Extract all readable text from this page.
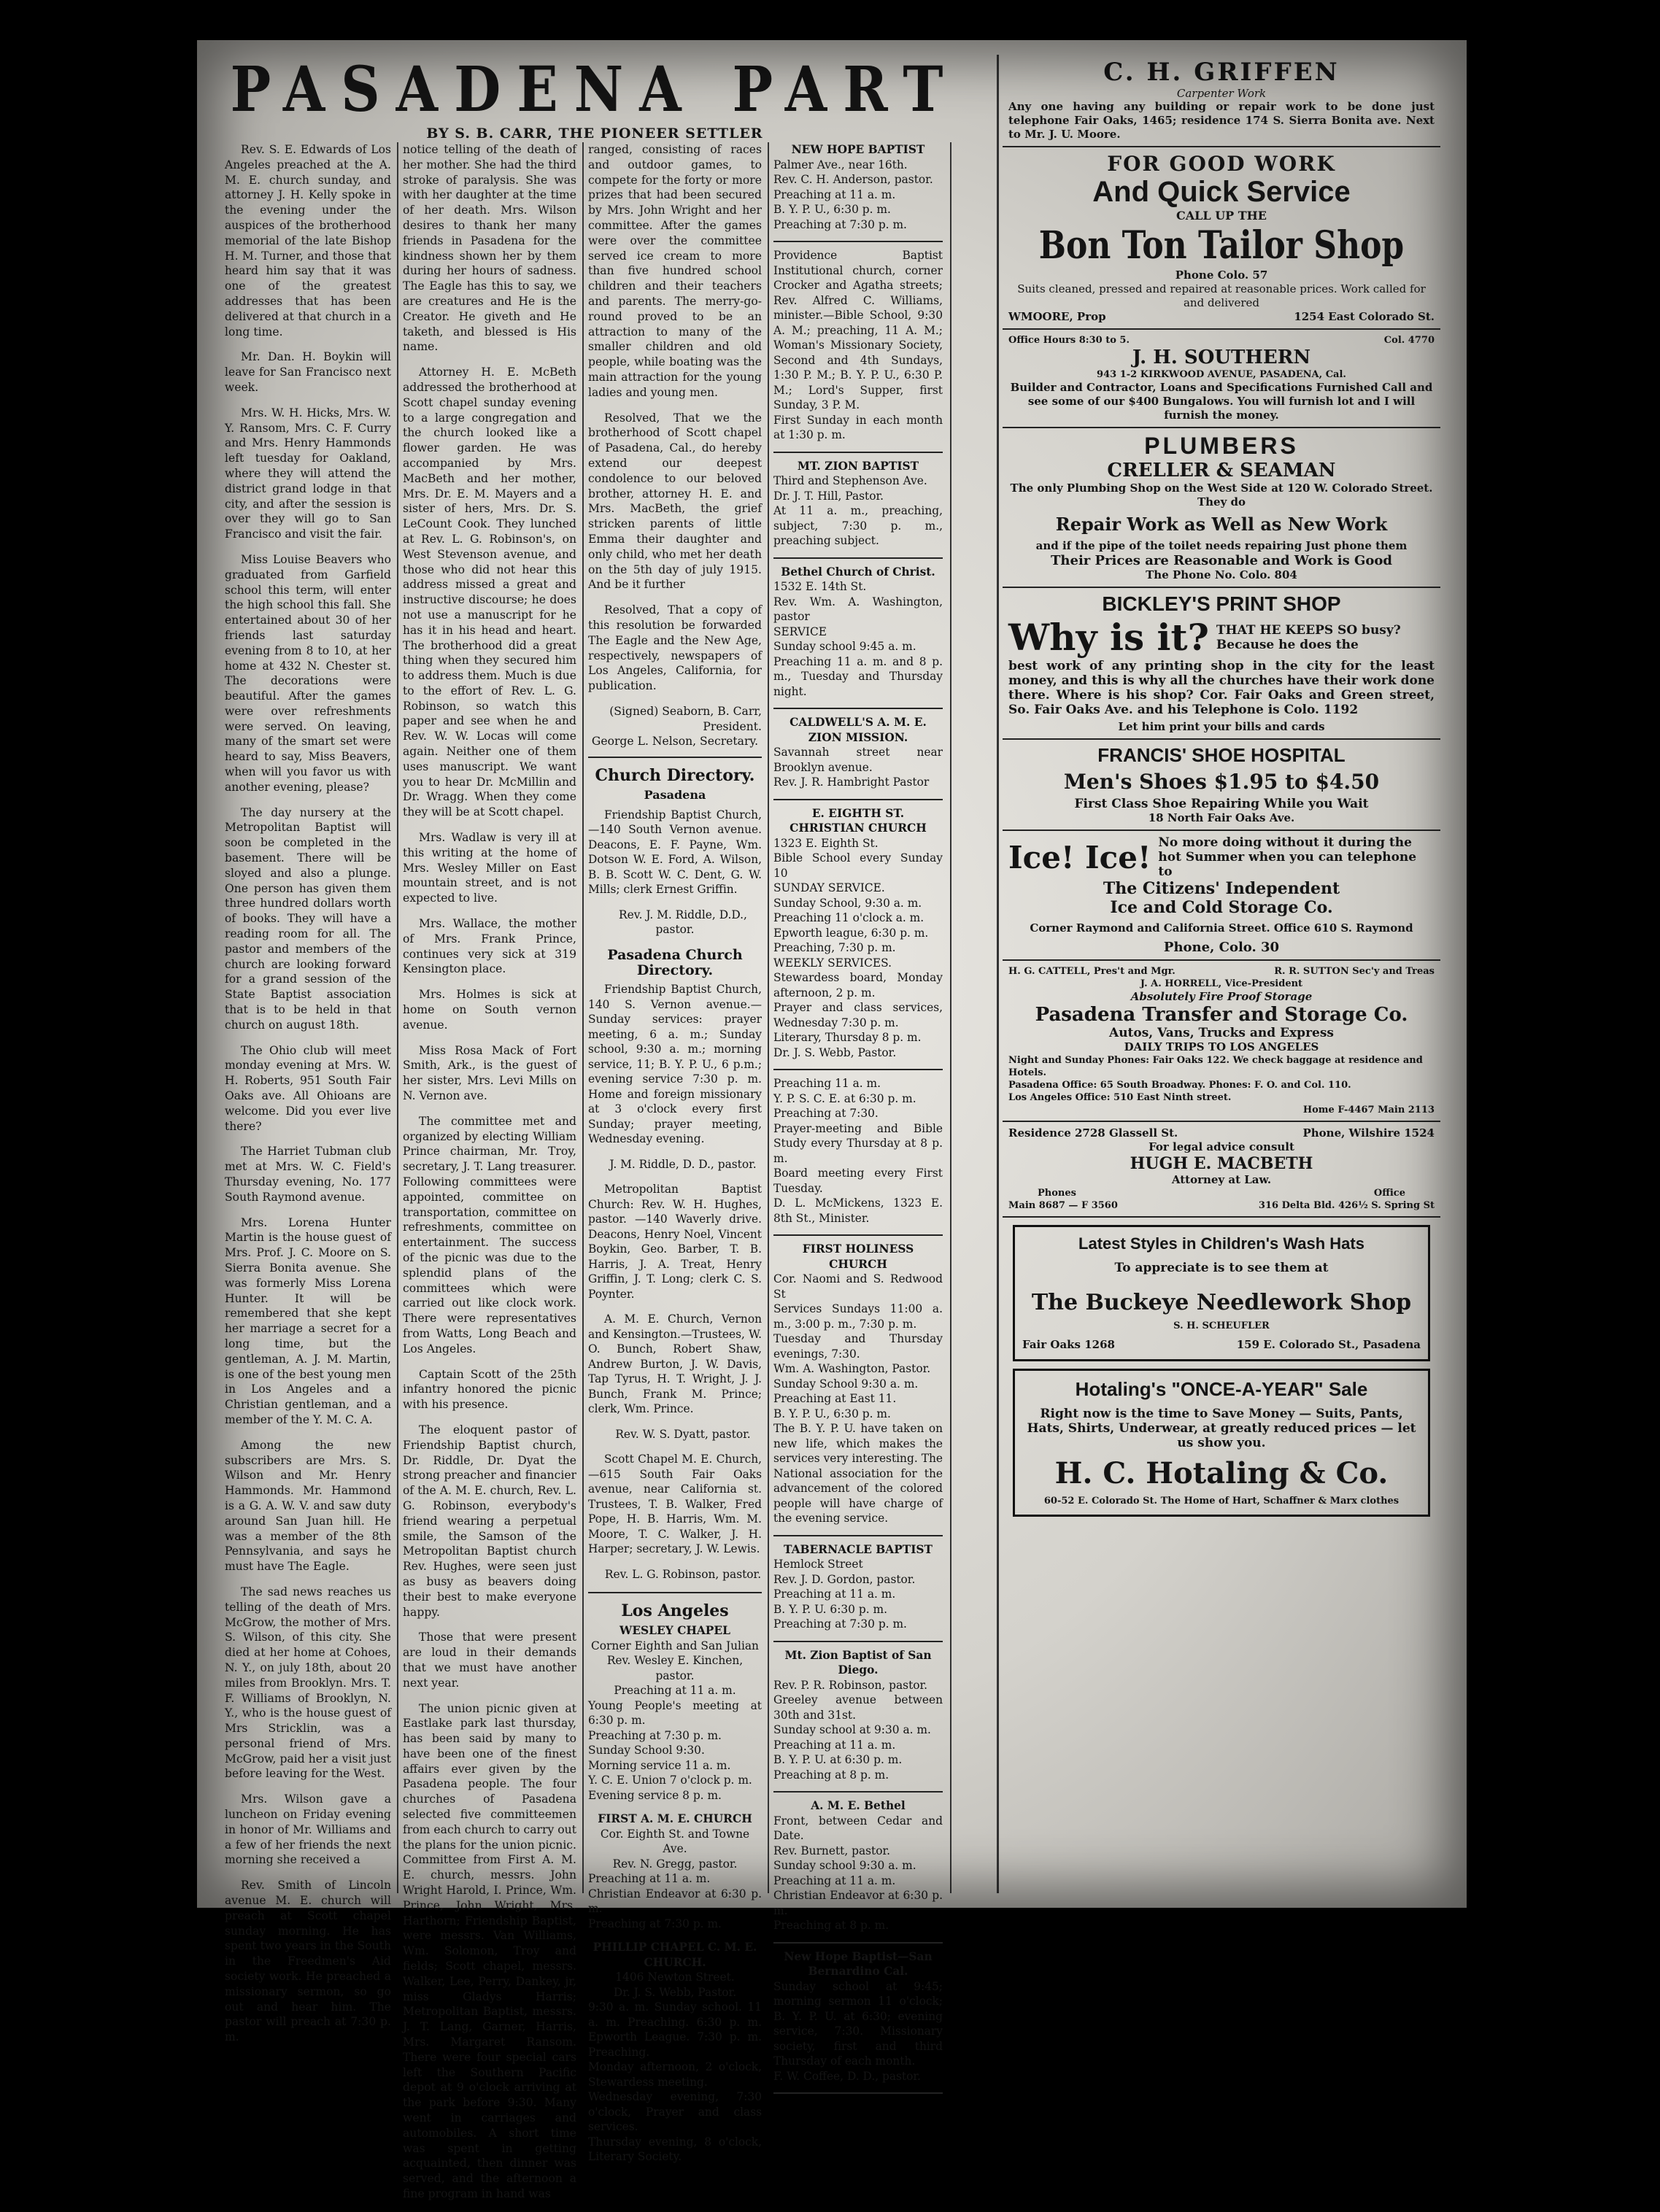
PASADENA PART
BY S. B. CARR, THE PIONEER SETTLER

Rev. S. E. Edwards of Los Angeles preached at the A. M. E. church sunday, and attorney J. H. Kelly spoke in the evening under the auspices of the brotherhood memorial of the late Bishop H. M. Turner, and those that heard him say that it was one of the greatest addresses that has been delivered at that church in a long time.

Mr. Dan. H. Boykin will leave for San Francisco next week.

Mrs. W. H. Hicks, Mrs. W. Y. Ransom, Mrs. C. F. Curry and Mrs. Henry Hammonds left tuesday for Oakland, where they will attend the district grand lodge in that city, and after the session is over they will go to San Francisco and visit the fair.

Miss Louise Beavers who graduated from Garfield school this term, will enter the high school this fall. She entertained about 30 of her friends last saturday evening from 8 to 10, at her home at 432 N. Chester st. The decorations were beautiful. After the games were over refreshments were served. On leaving, many of the smart set were heard to say, Miss Beavers, when will you favor us with another evening, please?

The day nursery at the Metropolitan Baptist will soon be completed in the basement. There will be sloyed and also a plunge. One person has given them three hundred dollars worth of books. They will have a reading room for all. The pastor and members of the church are looking forward for a grand session of the State Baptist association that is to be held in that church on august 18th.

The Ohio club will meet monday evening at Mrs. W. H. Roberts, 951 South Fair Oaks ave. All Ohioans are welcome. Did you ever live there?

The Harriet Tubman club met at Mrs. W. C. Field's Thursday evening, No. 177 South Raymond avenue.

Mrs. Lorena Hunter Martin is the house guest of Mrs. Prof. J. C. Moore on S. Sierra Bonita avenue. She was formerly Miss Lorena Hunter. It will be remembered that she kept her marriage a secret for a long time, but the gentleman, A. J. M. Martin, is one of the best young men in Los Angeles and a Christian gentleman, and a member of the Y. M. C. A.

Among the new subscribers are Mrs. S. Wilson and Mr. Henry Hammonds. Mr. Hammond is a G. A. W. V. and saw duty around San Juan hill. He was a member of the 8th Pennsylvania, and says he must have The Eagle.

The sad news reaches us telling of the death of Mrs. McGrow, the mother of Mrs. S. Wilson, of this city. She died at her home at Cohoes, N. Y., on july 18th, about 20 miles from Brooklyn. Mrs. T. F. Williams of Brooklyn, N. Y., who is the house guest of Mrs Stricklin, was a personal friend of Mrs. McGrow, paid her a visit just before leaving for the West.

Mrs. Wilson gave a luncheon on Friday evening in honor of Mr. Williams and a few of her friends the next morning she received a

Rev. Smith of Lincoln avenue M. E. church will preach at Scott chapel sunday morning. He has spent two years in the South in the Freedmen's Aid society work. He preached a missionary sermon, so go out and hear him. The pastor will preach at 7:30 p. m.

notice telling of the death of her mother. She had the third stroke of paralysis. She was with her daughter at the time of her death. Mrs. Wilson desires to thank her many friends in Pasadena for the kindness shown her by them during her hours of sadness. The Eagle has this to say, we are creatures and He is the Creator. He giveth and He taketh, and blessed is His name.

Attorney H. E. McBeth addressed the brotherhood at Scott chapel sunday evening to a large congregation and the church looked like a flower garden. He was accompanied by Mrs. MacBeth and her mother, Mrs. Dr. E. M. Mayers and a sister of hers, Mrs. Dr. S. LeCount Cook. They lunched at Rev. L. G. Robinson's, on West Stevenson avenue, and those who did not hear this address missed a great and instructive discourse; he does not use a manuscript for he has it in his head and heart. The brotherhood did a great thing when they secured him to address them. Much is due to the effort of Rev. L. G. Robinson, so watch this paper and see when he and Rev. W. W. Locas will come again. Neither one of them uses manuscript. We want you to hear Dr. McMillin and Dr. Wragg. When they come they will be at Scott chapel.

Mrs. Wadlaw is very ill at this writing at the home of Mrs. Wesley Miller on East mountain street, and is not expected to live.

Mrs. Wallace, the mother of Mrs. Frank Prince, continues very sick at 319 Kensington place.

Mrs. Holmes is sick at home on South vernon avenue.

Miss Rosa Mack of Fort Smith, Ark., is the guest of her sister, Mrs. Levi Mills on N. Vernon ave.

The committee met and organized by electing William Prince chairman, Mr. Troy, secretary, J. T. Lang treasurer. Following committees were appointed, committee on transportation, committee on refreshments, committee on entertainment. The success of the picnic was due to the splendid plans of the committees which were carried out like clock work. There were representatives from Watts, Long Beach and Los Angeles.

Captain Scott of the 25th infantry honored the picnic with his presence.

The eloquent pastor of Friendship Baptist church, Dr. Riddle, Dr. Dyat the strong preacher and financier of the A. M. E. church, Rev. L. G. Robinson, everybody's friend wearing a perpetual smile, the Samson of the Metropolitan Baptist church Rev. Hughes, were seen just as busy as beavers doing their best to make everyone happy.

Those that were present are loud in their demands that we must have another next year.

The union picnic given at Eastlake park last thursday, has been said by many to have been one of the finest affairs ever given by the Pasadena people. The four churches of Pasadena selected five committeemen from each church to carry out the plans for the union picnic. Committee from First A. M. E. church, messrs. John Wright Harold, I. Prince, Wm. Prince, John Wright, Mrs. Harthorn; Friendship Baptist, were messrs. Van Williams, Wm. Solomon, Troy and fields; Scott chapel, messrs. Walker, Lee, Perry, Dankey, jr, miss Gladys Harris; Metropolitan Baptist, messrs. J. T. Lang, Garner, Harris, Mrs. Margaret Ransom. There were four special cars left the Southern Pacific depot at 9 o'clock arriving at the park before 9:30. Many went in carriages and automobiles. A short time was spent in getting acquainted, then dinner was served, and the afternoon a fine program in hand was

ranged, consisting of races and outdoor games, to compete for the forty or more prizes that had been secured by Mrs. John Wright and her committee. After the games were over the committee served ice cream to more than five hundred school children and their teachers and parents. The merry-go-round proved to be an attraction to many of the smaller children and old people, while boating was the main attraction for the young ladies and young men.

Resolved, That we the brotherhood of Scott chapel of Pasadena, Cal., do hereby extend our deepest condolence to our beloved brother, attorney H. E. and Mrs. MacBeth, the grief stricken parents of little Emma their daughter and only child, who met her death on the 5th day of july 1915. And be it further

Resolved, That a copy of this resolution be forwarded The Eagle and the New Age, respectively, newspapers of Los Angeles, California, for publication.

(Signed) Seaborn, B. Carr, President.
George L. Nelson, Secretary.
Church Directory.
Pasadena

Friendship Baptist Church,—140 South Vernon avenue. Deacons, E. F. Payne, Wm. Dotson W. E. Ford, A. Wilson, B. B. Scott W. C. Dent, G. W. Mills; clerk Ernest Griffin.

Rev. J. M. Riddle, D.D., pastor.

Pasadena Church Directory.

Friendship Baptist Church, 140 S. Vernon avenue.—Sunday services: prayer meeting, 6 a. m.; Sunday school, 9:30 a. m.; morning service, 11; B. Y. P. U., 6 p.m.; evening service 7:30 p. m. Home and foreign missionary at 3 o'clock every first Sunday; prayer meeting, Wednesday evening.

J. M. Riddle, D. D., pastor.

Metropolitan Baptist Church: Rev. W. H. Hughes, pastor. —140 Waverly drive. Deacons, Henry Noel, Vincent Boykin, Geo. Barber, T. B. Harris, J. A. Treat, Henry Griffin, J. T. Long; clerk C. S. Poynter.

A. M. E. Church, Vernon and Kensington.—Trustees, W. O. Bunch, Robert Shaw, Andrew Burton, J. W. Davis, Tap Tyrus, H. T. Wright, J. J. Bunch, Frank M. Prince; clerk, Wm. Prince.

Rev. W. S. Dyatt, pastor.

Scott Chapel M. E. Church,—615 South Fair Oaks avenue, near California st. Trustees, T. B. Walker, Fred Pope, H. B. Harris, Wm. M. Moore, T. C. Walker, J. H. Harper; secretary, J. W. Lewis.

Rev. L. G. Robinson, pastor.

Los Angeles
WESLEY CHAPEL
Corner Eighth and San Julian
Rev. Wesley E. Kinchen, pastor.
Preaching at 11 a. m.
Young People's meeting at 6:30 p. m.
Preaching at 7:30 p. m.
Sunday School 9:30.
Morning service 11 a. m.
Y. C. E. Union 7 o'clock p. m.
Evening service 8 p. m.
FIRST A. M. E. CHURCH
Cor. Eighth St. and Towne Ave.
Rev. N. Gregg, pastor.
Preaching at 11 a. m.
Christian Endeavor at 6:30 p. m.
Preaching at 7:30 p. m.
PHILLIP CHAPEL C. M. E. CHURCH.
1406 Newton Street.
Dr. J. S. Webb, Pastor.
9:30 a. m. Sunday school. 11 a. m. Preaching. 6:30 p. m. Epworth League. 7:30 p. m. Preaching.
Monday afternoon, 2 o'clock, Stewardess meeting.
Wednesday evening, 7:30 o'clock, Prayer and class services.
Thursday evening, 8 o'clock, Literary Society.
NEW HOPE BAPTIST
Palmer Ave., near 16th.
Rev. C. H. Anderson, pastor.
Preaching at 11 a. m.
B. Y. P. U., 6:30 p. m.
Preaching at 7:30 p. m.
Providence Baptist Institutional church, corner Crocker and Agatha streets; Rev. Alfred C. Williams, minister.—Bible School, 9:30 A. M.; preaching, 11 A. M.; Woman's Missionary Society, Second and 4th Sundays, 1:30 P. M.; B. Y. P. U., 6:30 P. M.; Lord's Supper, first Sunday, 3 P. M.
First Sunday in each month at 1:30 p. m.
MT. ZION BAPTIST
Third and Stephenson Ave.
Dr. J. T. Hill, Pastor.
At 11 a. m., preaching, subject, 7:30 p. m., preaching subject.
Bethel Church of Christ.
1532 E. 14th St.
Rev. Wm. A. Washington, pastor
SERVICE
Sunday school 9:45 a. m.
Preaching 11 a. m. and 8 p. m., Tuesday and Thursday night.
CALDWELL'S A. M. E. ZION MISSION.
Savannah street near Brooklyn avenue.
Rev. J. R. Hambright Pastor
E. EIGHTH ST. CHRISTIAN CHURCH
1323 E. Eighth St.
Bible School every Sunday 10
SUNDAY SERVICE.
Sunday School, 9:30 a. m.
Preaching 11 o'clock a. m.
Epworth league, 6:30 p. m.
Preaching, 7:30 p. m.
WEEKLY SERVICES.
Stewardess board, Monday afternoon, 2 p. m.
Prayer and class services, Wednesday 7:30 p. m.
Literary, Thursday 8 p. m.
Dr. J. S. Webb, Pastor.
Preaching 11 a. m.
Y. P. S. C. E. at 6:30 p. m.
Preaching at 7:30.
Prayer-meeting and Bible Study every Thursday at 8 p. m.
Board meeting every First Tuesday.
D. L. McMickens, 1323 E. 8th St., Minister.
FIRST HOLINESS CHURCH
Cor. Naomi and S. Redwood St
Services Sundays 11:00 a. m., 3:00 p. m., 7:30 p. m.
Tuesday and Thursday evenings, 7:30.
Wm. A. Washington, Pastor.
Sunday School 9:30 a. m.
Preaching at East 11.
B. Y. P. U., 6:30 p. m.
The B. Y. P. U. have taken on new life, which makes the services very interesting. The National association for the advancement of the colored people will have charge of the evening service.
TABERNACLE BAPTIST
Hemlock Street
Rev. J. D. Gordon, pastor.
Preaching at 11 a. m.
B. Y. P. U. 6:30 p. m.
Preaching at 7:30 p. m.
Mt. Zion Baptist of San Diego.
Rev. P. R. Robinson, pastor.
Greeley avenue between 30th and 31st.
Sunday school at 9:30 a. m.
Preaching at 11 a. m.
B. Y. P. U. at 6:30 p. m.
Preaching at 8 p. m.
A. M. E. Bethel
Front, between Cedar and Date.
Rev. Burnett, pastor.
Sunday school 9:30 a. m.
Preaching at 11 a. m.
Christian Endeavor at 6:30 p. m.
Preaching at 8 p. m.
New Hope Baptist—San Bernardino Cal.
Sunday school at 9:45; morning sermon 11 o'clock; B. Y. P. U. at 6:30; evening service, 7:30. Missionary society, first and third Thursday of each month.
F. W. Coffee, D. D., pastor.
C. H. GRIFFEN
Carpenter Work
Any one having any building or repair work to be done just telephone Fair Oaks, 1465; residence 174 S. Sierra Bonita ave. Next to Mr. J. U. Moore.
FOR GOOD WORK
And Quick Service
CALL UP THE
Bon Ton Tailor Shop
Phone Colo. 57
Suits cleaned, pressed and repaired at reasonable prices. Work called for and delivered
WMOORE, Prop	1254 East Colorado St.
Office Hours 8:30 to 5.	Col. 4770
J. H. SOUTHERN
943 1-2 KIRKWOOD AVENUE, PASADENA, Cal.
Builder and Contractor, Loans and Specifications Furnished Call and see some of our $400 Bungalows. You will furnish lot and I will furnish the money.
PLUMBERS
CRELLER & SEAMAN
The only Plumbing Shop on the West Side at 120 W. Colorado Street. They do
Repair Work as Well as New Work
and if the pipe of the toilet needs repairing Just phone them
Their Prices are Reasonable and Work is Good
The Phone No. Colo. 804
BICKLEY'S PRINT SHOP
Why is it? THAT HE KEEPS SO busy? Because he does the
best work of any printing shop in the city for the least money, and this is why all the churches have their work done there. Where is his shop? Cor. Fair Oaks and Green street, So. Fair Oaks Ave. and his Telephone is Colo. 1192
Let him print your bills and cards
FRANCIS' SHOE HOSPITAL
Men's Shoes $1.95 to $4.50
First Class Shoe Repairing While you Wait
18 North Fair Oaks Ave.
Ice! Ice! No more doing without it during the hot Summer when you can telephone to
The Citizens' Independent
Ice and Cold Storage Co.
Corner Raymond and California Street. Office 610 S. Raymond
Phone, Colo. 30
H. G. CATTELL, Pres't and Mgr.	R. R. SUTTON Sec'y and Treas
J. A. HORRELL, Vice-President
Absolutely Fire Proof Storage
Pasadena Transfer and Storage Co.
Autos, Vans, Trucks and Express
DAILY TRIPS TO LOS ANGELES
Night and Sunday Phones: Fair Oaks 122. We check baggage at residence and Hotels.
Pasadena Office: 65 South Broadway. Phones: F. O. and Col. 110.
Los Angeles Office: 510 East Ninth street.
Home F-4467 Main 2113
Residence 2728 Glassell St.	Phone, Wilshire 1524
For legal advice consult
HUGH E. MACBETH
Attorney at Law.
Phones	Office
Main 8687 — F 3560	316 Delta Bld. 426½ S. Spring St
Latest Styles in Children's Wash Hats
To appreciate is to see them at
The Buckeye Needlework Shop
S. H. SCHEUFLER
Fair Oaks 1268	159 E. Colorado St., Pasadena
Hotaling's "ONCE-A-YEAR" Sale
Right now is the time to Save Money — Suits, Pants, Hats, Shirts, Underwear, at greatly reduced prices — let us show you.
H. C. Hotaling & Co.
60-52 E. Colorado St. The Home of Hart, Schaffner & Marx clothes
